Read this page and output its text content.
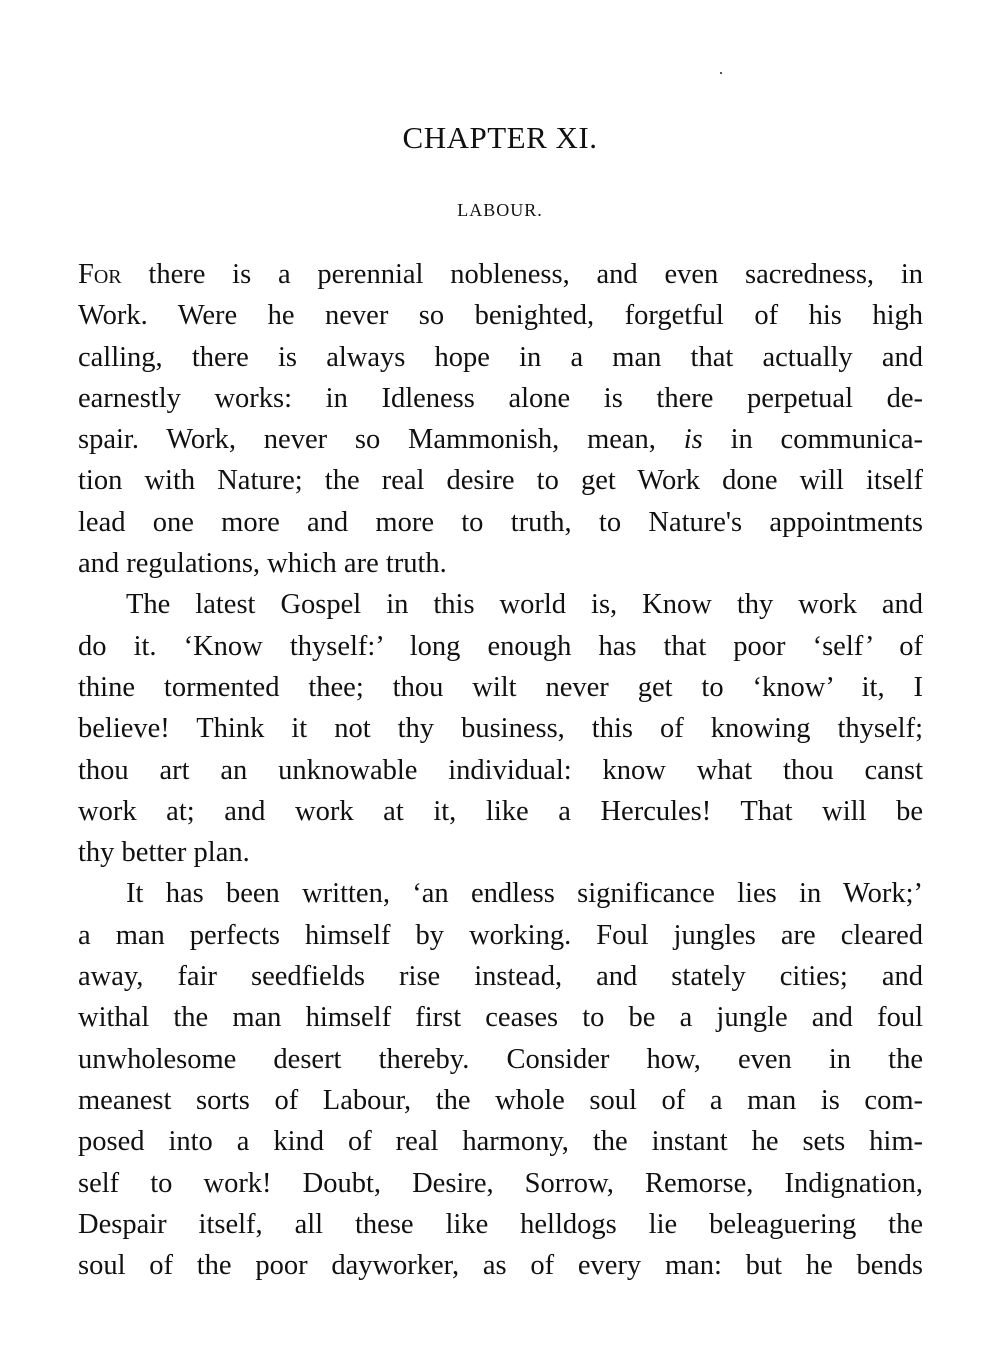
CHAPTER XI.
LABOUR.
For there is a perennial nobleness, and even sacredness, in
Work. Were he never so benighted, forgetful of his high
calling, there is always hope in a man that actually and
earnestly works: in Idleness alone is there perpetual de-
spair. Work, never so Mammonish, mean, is in communica-
tion with Nature; the real desire to get Work done will itself
lead one more and more to truth, to Nature's appointments
and regulations, which are truth.
The latest Gospel in this world is, Know thy work and
do it. ‘Know thyself:’ long enough has that poor ‘self’ of
thine tormented thee; thou wilt never get to ‘know’ it, I
believe! Think it not thy business, this of knowing thyself;
thou art an unknowable individual: know what thou canst
work at; and work at it, like a Hercules! That will be
thy better plan.
It has been written, ‘an endless significance lies in Work;’
a man perfects himself by working. Foul jungles are cleared
away, fair seedfields rise instead, and stately cities; and
withal the man himself first ceases to be a jungle and foul
unwholesome desert thereby. Consider how, even in the
meanest sorts of Labour, the whole soul of a man is com-
posed into a kind of real harmony, the instant he sets him-
self to work! Doubt, Desire, Sorrow, Remorse, Indignation,
Despair itself, all these like helldogs lie beleaguering the
soul of the poor dayworker, as of every man: but he bends
